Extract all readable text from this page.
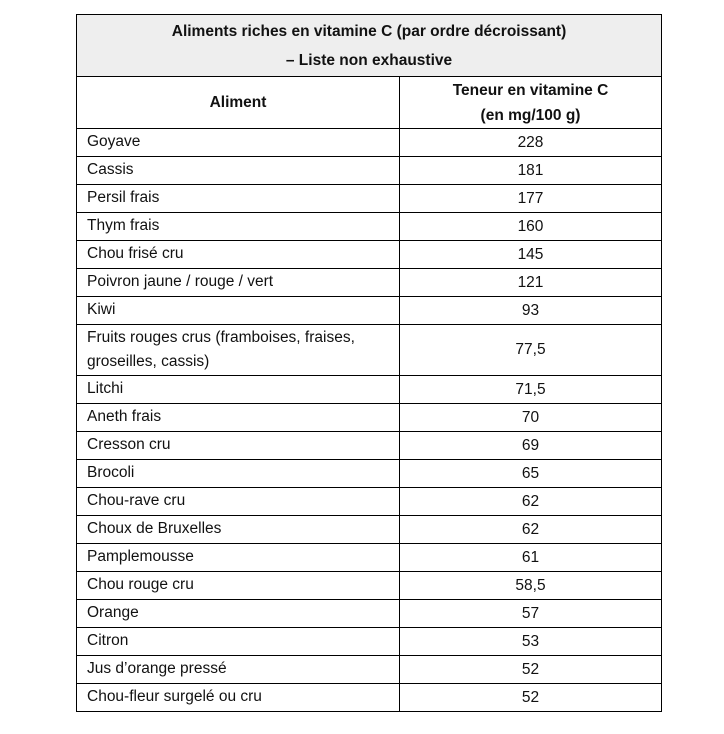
Aliments riches en vitamine C (par ordre décroissant)
– Liste non exhaustive	

Aliment	Teneur en vitamine C
(en mg/100 g)

Goyave	228
Cassis	181
Persil frais	177
Thym frais	160
Chou frisé cru	145
Poivron jaune / rouge / vert	121
Kiwi	93
Fruits rouges crus (framboises, fraises, groseilles, cassis)	77,5
Litchi	71,5
Aneth frais	70
Cresson cru	69
Brocoli	65
Chou-rave cru	62
Choux de Bruxelles	62
Pamplemousse	61
Chou rouge cru	58,5
Orange	57
Citron	53
Jus d’orange pressé	52
Chou-fleur surgelé ou cru	52
